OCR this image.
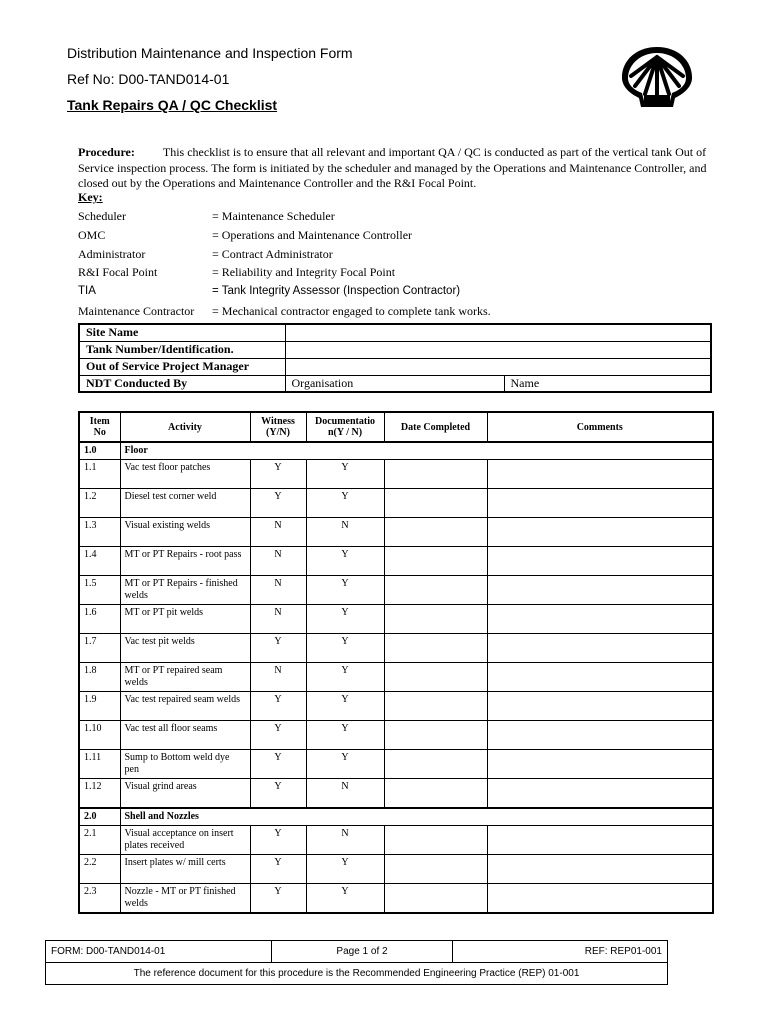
Distribution Maintenance and Inspection Form
Ref No: D00-TAND014-01
Tank Repairs QA / QC Checklist
Procedure: This checklist is to ensure that all relevant and important QA / QC is conducted as part of the vertical tank Out of Service inspection process. The form is initiated by the scheduler and managed by the Operations and Maintenance Controller, and closed out by the Operations and Maintenance Controller and the R&I Focal Point.
Key:
Scheduler	= Maintenance Scheduler
OMC	= Operations and Maintenance Controller
Administrator	= Contract Administrator
R&I Focal Point	= Reliability and Integrity Focal Point
TIA	= Tank Integrity Assessor (Inspection Contractor)
Maintenance Contractor = Mechanical contractor engaged to complete tank works.
Site Name		
Tank Number/Identification.		
Out of Service Project Manager		
NDT Conducted By	Organisation	Name
Item No	Activity	Witness (Y/N)	Documentatio n(Y / N)	Date Completed	Comments
1.0	Floor				
1.1	Vac test floor patches	Y	Y		
1.2	Diesel test corner weld	Y	Y		
1.3	Visual existing welds	N	N		
1.4	MT or PT Repairs - root pass	N	Y		
1.5	MT or PT Repairs - finished welds	N	Y		
1.6	MT or PT pit welds	N	Y		
1.7	Vac test pit welds	Y	Y		
1.8	MT or PT repaired seam welds	N	Y		
1.9	Vac test repaired seam welds	Y	Y		
1.10	Vac test all floor seams	Y	Y		
1.11	Sump to Bottom weld dye pen	Y	Y		
1.12	Visual grind areas	Y	N		
2.0	Shell and Nozzles				
2.1	Visual acceptance on insert plates received	Y	N		
2.2	Insert plates w/ mill certs	Y	Y		
2.3	Nozzle - MT or PT finished welds	Y	Y		
FORM: D00-TAND014-01	Page 1 of 2	REF: REP01-001
The reference document for this procedure is the Recommended Engineering Practice (REP) 01-001
